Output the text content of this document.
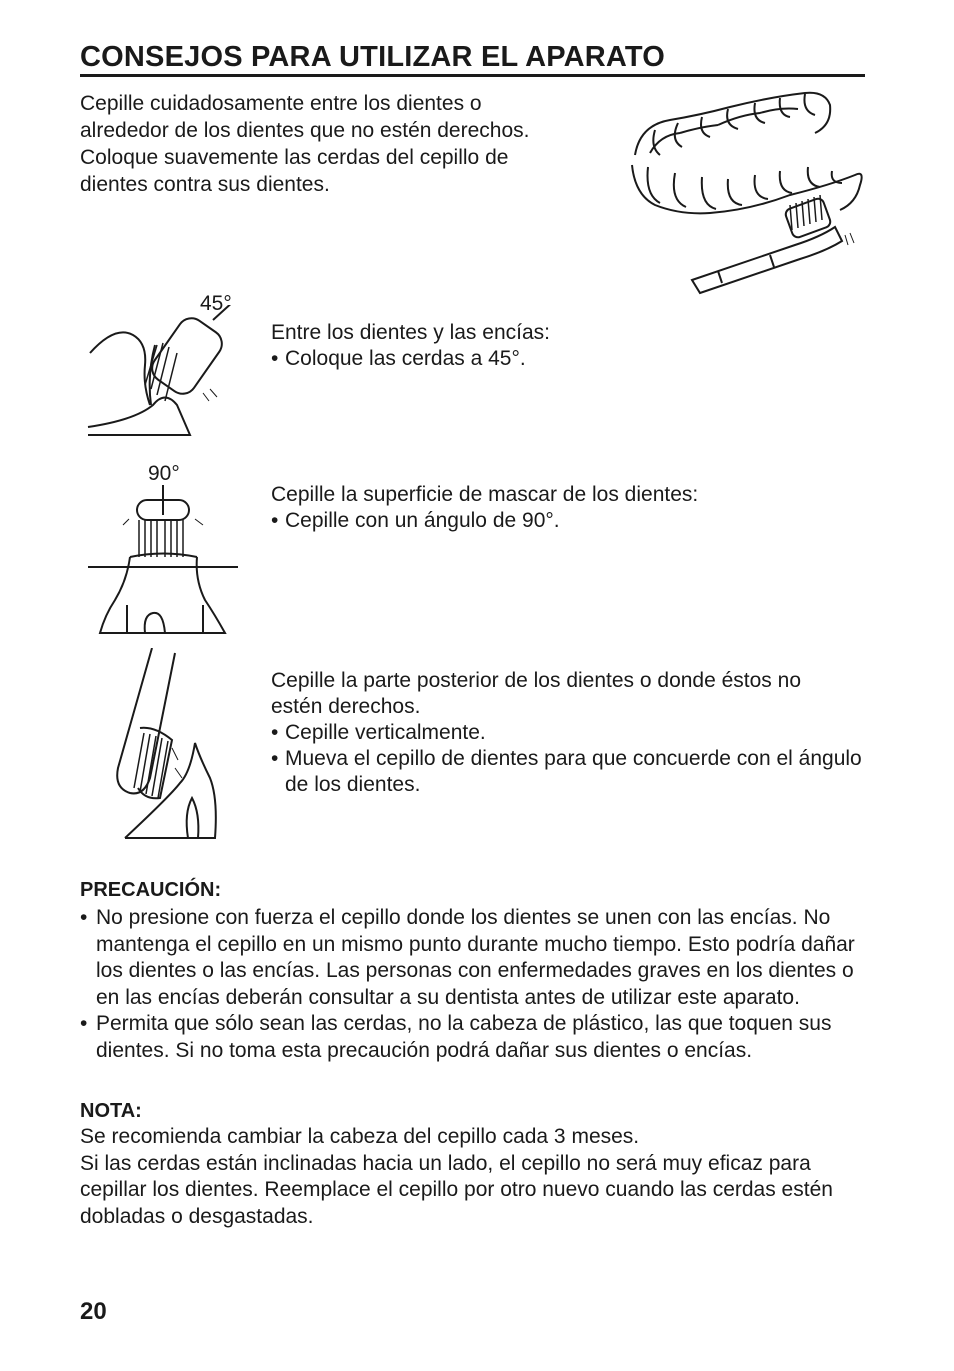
CONSEJOS PARA UTILIZAR EL APARATO

Cepille cuidadosamente entre los dientes o

alrededor de los dientes que no estén derechos.

Coloque suavemente las cerdas del cepillo de

dientes contra sus dientes.

45°

Entre los dientes y las encías:

• Coloque las cerdas a 45°.
90°

Cepille la superficie de mascar de los dientes:

• Cepille con un ángulo de 90°.

Cepille la parte posterior de los dientes o donde éstos no

estén derechos.

• Cepille verticalmente.
• Mueva el cepillo de dientes para que concuerde con el ángulo de los dientes.
PRECAUCIÓN:
• No presione con fuerza el cepillo donde los dientes se unen con las encías. No mantenga el cepillo en un mismo punto durante mucho tiempo. Esto podría dañar los dientes o las encías. Las personas con enfermedades graves en los dientes o en las encías deberán consultar a su dentista antes de utilizar este aparato.
• Permita que sólo sean las cerdas, no la cabeza de plástico, las que toquen sus dientes. Si no toma esta precaución podrá dañar sus dientes o encías.
NOTA:

Se recomienda cambiar la cabeza del cepillo cada 3 meses.

Si las cerdas están inclinadas hacia un lado, el cepillo no será muy eficaz para cepillar los dientes. Reemplace el cepillo por otro nuevo cuando las cerdas estén dobladas o desgastadas.

20
